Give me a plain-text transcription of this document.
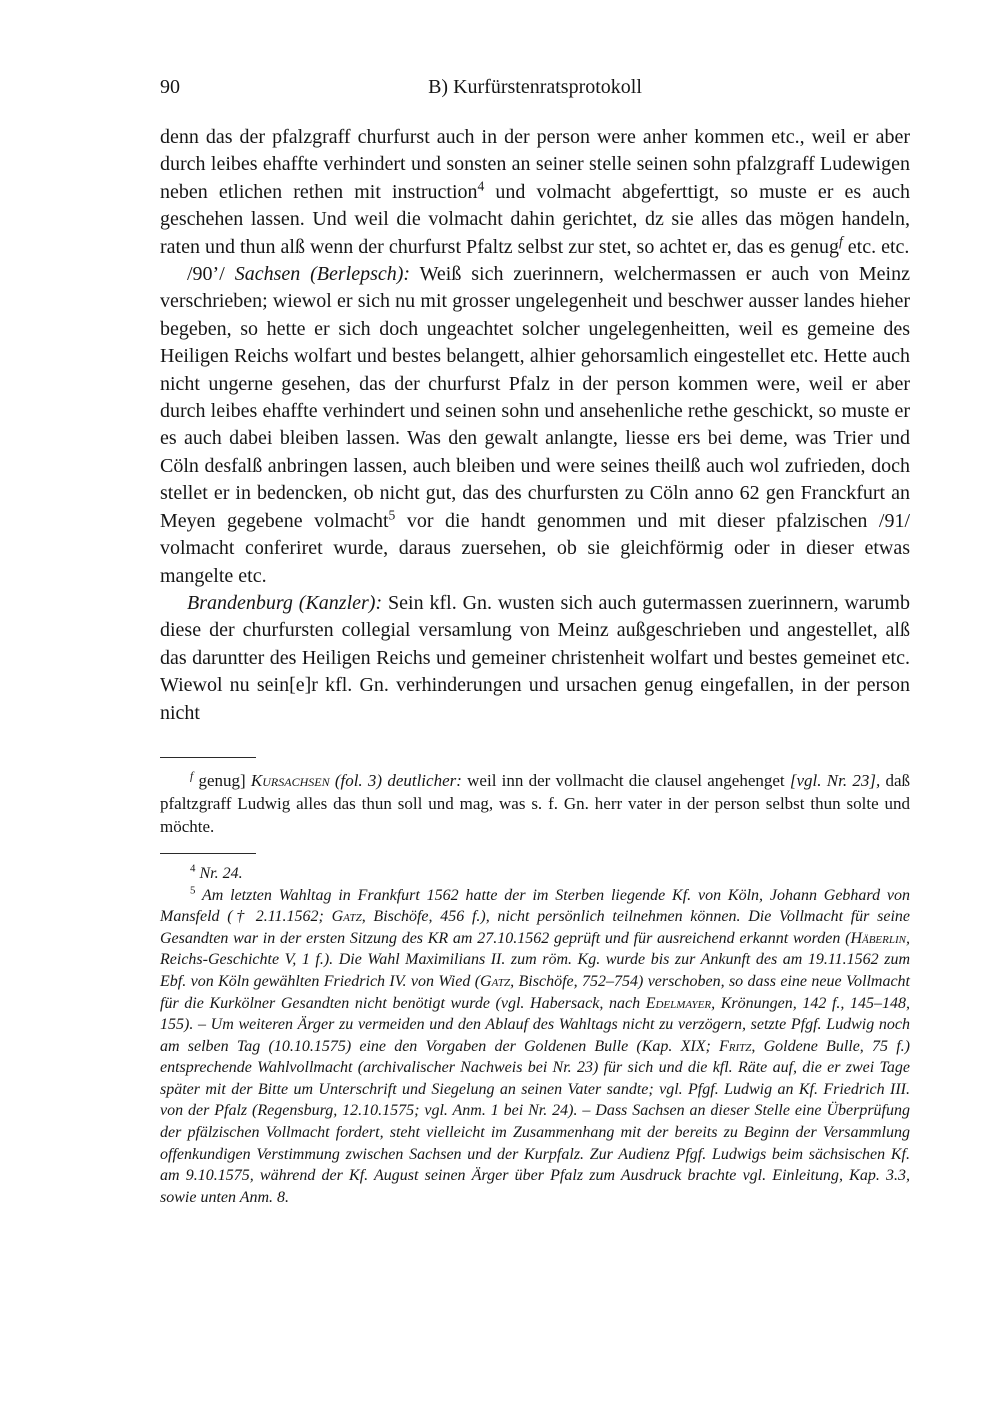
90	B) Kurfürstenratsprotokoll

denn das der pfalzgraff churfurst auch in der person were anher kommen etc., weil er aber durch leibes ehaffte verhindert und sonsten an seiner stelle seinen sohn pfalzgraff Ludewigen neben etlichen rethen mit instruction$^4$ und volmacht abgeferttigt, so muste er es auch geschehen lassen. Und weil die volmacht dahin gerichtet, dz sie alles das mögen handeln, raten und thun alß wenn der churfurst Pfaltz selbst zur stet, so achtet er, das es genug$^f$ etc. etc.

/90’/ Sachsen (Berlepsch): Weiß sich zuerinnern, welchermassen er auch von Meinz verschrieben; wiewol er sich nu mit grosser ungelegenheit und beschwer ausser landes hieher begeben, so hette er sich doch ungeachtet solcher ungelegenheitten, weil es gemeine des Heiligen Reichs wolfart und bestes belangett, alhier gehorsamlich eingestellet etc. Hette auch nicht ungerne gesehen, das der churfurst Pfalz in der person kommen were, weil er aber durch leibes ehaffte verhindert und seinen sohn und ansehenliche rethe geschickt, so muste er es auch dabei bleiben lassen. Was den gewalt anlangte, liesse ers bei deme, was Trier und Cöln desfalß anbringen lassen, auch bleiben und were seines theilß auch wol zufrieden, doch stellet er in bedencken, ob nicht gut, das des churfursten zu Cöln anno 62 gen Franckfurt an Meyen gegebene volmacht$^5$ vor die handt genommen und mit dieser pfalzischen /91/ volmacht conferiret wurde, daraus zuersehen, ob sie gleichförmig oder in dieser etwas mangelte etc.

Brandenburg (Kanzler): Sein kfl. Gn. wusten sich auch gutermassen zuerinnern, warumb diese der churfursten collegial versamlung von Meinz außgeschrieben und angestellet, alß das daruntter des Heiligen Reichs und gemeiner christenheit wolfart und bestes gemeinet etc. Wiewol nu sein[e]r kfl. Gn. verhinderungen und ursachen genug eingefallen, in der person nicht

$^f$ genug] Kursachsen (fol. 3) deutlicher: weil inn der vollmacht die clausel angehenget [vgl. Nr. 23], daß pfaltzgraff Ludwig alles das thun soll und mag, was s. f. Gn. herr vater in der person selbst thun solte und möchte.

$^4$ Nr. 24.

$^5$ Am letzten Wahltag in Frankfurt 1562 hatte der im Sterben liegende Kf. von Köln, Johann Gebhard von Mansfeld († 2.11.1562; Gatz, Bischöfe, 456 f.), nicht persönlich teilnehmen können. Die Vollmacht für seine Gesandten war in der ersten Sitzung des KR am 27.10.1562 geprüft und für ausreichend erkannt worden (Häberlin, Reichs-Geschichte V, 1 f.). Die Wahl Maximilians II. zum röm. Kg. wurde bis zur Ankunft des am 19.11.1562 zum Ebf. von Köln gewählten Friedrich IV. von Wied (Gatz, Bischöfe, 752–754) verschoben, so dass eine neue Vollmacht für die Kurkölner Gesandten nicht benötigt wurde (vgl. Habersack, nach Edelmayer, Krönungen, 142 f., 145–148, 155). – Um weiteren Ärger zu vermeiden und den Ablauf des Wahltags nicht zu verzögern, setzte Pfgf. Ludwig noch am selben Tag (10.10.1575) eine den Vorgaben der Goldenen Bulle (Kap. XIX; Fritz, Goldene Bulle, 75 f.) entsprechende Wahlvollmacht (archivalischer Nachweis bei Nr. 23) für sich und die kfl. Räte auf, die er zwei Tage später mit der Bitte um Unterschrift und Siegelung an seinen Vater sandte; vgl. Pfgf. Ludwig an Kf. Friedrich III. von der Pfalz (Regensburg, 12.10.1575; vgl. Anm. 1 bei Nr. 24). – Dass Sachsen an dieser Stelle eine Überprüfung der pfälzischen Vollmacht fordert, steht vielleicht im Zusammenhang mit der bereits zu Beginn der Versammlung offenkundigen Verstimmung zwischen Sachsen und der Kurpfalz. Zur Audienz Pfgf. Ludwigs beim sächsischen Kf. am 9.10.1575, während der Kf. August seinen Ärger über Pfalz zum Ausdruck brachte vgl. Einleitung, Kap. 3.3, sowie unten Anm. 8.
